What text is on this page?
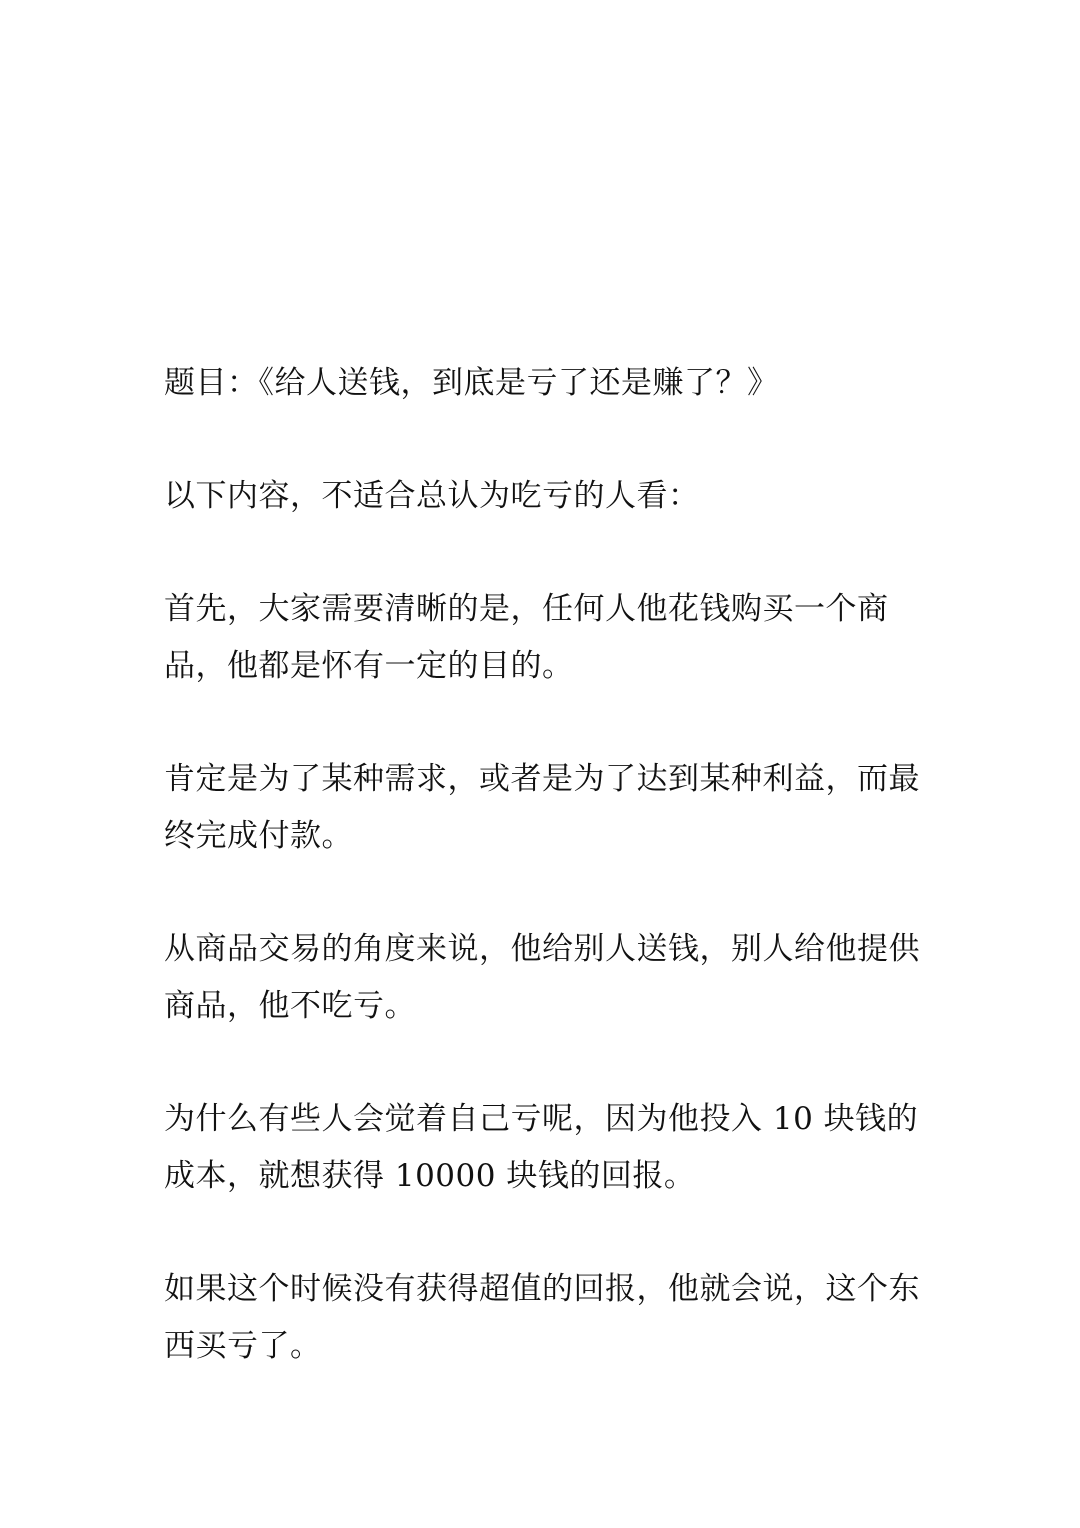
题目：《给人送钱，到底是亏了还是赚了？》

以下内容，不适合总认为吃亏的人看：

首先，大家需要清晰的是，任何人他花钱购买一个商品，他都是怀有一定的目的。

肯定是为了某种需求，或者是为了达到某种利益，而最终完成付款。

从商品交易的角度来说，他给别人送钱，别人给他提供商品，他不吃亏。

为什么有些人会觉着自己亏呢，因为他投入 10 块钱的成本，就想获得 10000 块钱的回报。

如果这个时候没有获得超值的回报，他就会说，这个东西买亏了。
